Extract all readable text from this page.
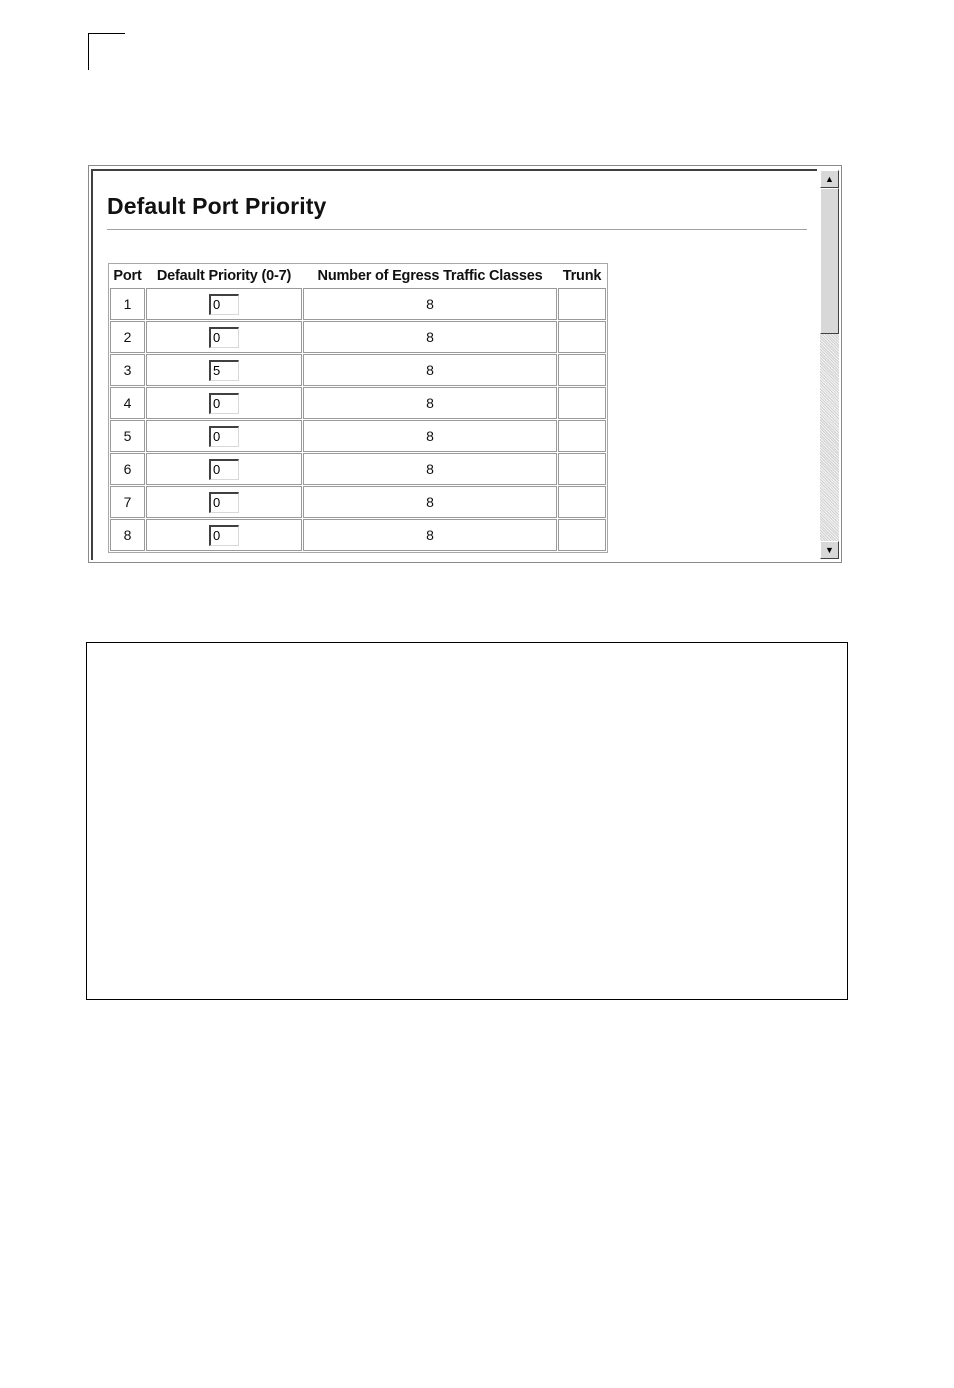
Default Port Priority
Port	Default Priority (0-7)	Number of Egress Traffic Classes	Trunk
1	0	8	
2	0	8	
3	5	8	
4	0	8	
5	0	8	
6	0	8	
7	0	8	
8	0	8	
▲
▼
